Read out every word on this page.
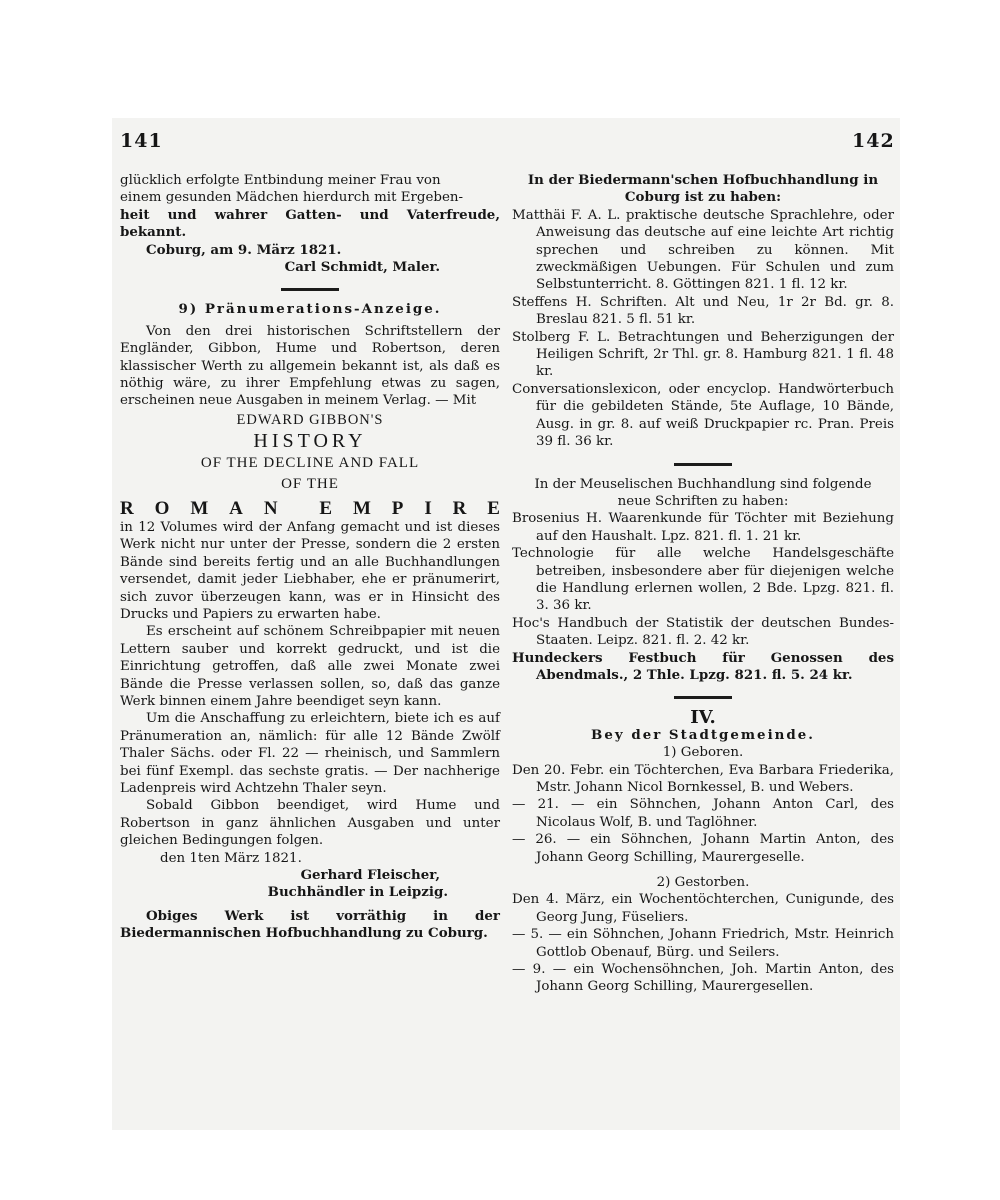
141	142

glücklich erfolgte Entbindung meiner Frau von

einem gesunden Mädchen hierdurch mit Ergeben-

heit und wahrer Gatten- und Vaterfreude, bekannt.

Coburg, am 9. März 1821.

Carl Schmidt, Maler.

9) Pränumerations-Anzeige.

Von den drei historischen Schriftstellern der Engländer, Gibbon, Hume und Robertson, deren klassischer Werth zu allgemein bekannt ist, als daß es nöthig wäre, zu ihrer Empfehlung etwas zu sagen, erscheinen neue Ausgaben in meinem Verlag. — Mit

EDWARD GIBBON'S
HISTORY
OF THE DECLINE AND FALL
OF THE
R O M A N E M P I R E

in 12 Volumes wird der Anfang gemacht und ist dieses Werk nicht nur unter der Presse, sondern die 2 ersten Bände sind bereits fertig und an alle Buchhandlungen versendet, damit jeder Liebhaber, ehe er pränumerirt, sich zuvor überzeugen kann, was er in Hinsicht des Drucks und Papiers zu erwarten habe.

Es erscheint auf schönem Schreibpapier mit neuen Lettern sauber und korrekt gedruckt, und ist die Einrichtung getroffen, daß alle zwei Monate zwei Bände die Presse verlassen sollen, so, daß das ganze Werk binnen einem Jahre beendiget seyn kann.

Um die Anschaffung zu erleichtern, biete ich es auf Pränumeration an, nämlich: für alle 12 Bände Zwölf Thaler Sächs. oder Fl. 22 — rheinisch, und Sammlern bei fünf Exempl. das sechste gratis. — Der nachherige Ladenpreis wird Achtzehn Thaler seyn.

Sobald Gibbon beendiget, wird Hume und Robertson in ganz ähnlichen Ausgaben und unter gleichen Bedingungen folgen.

den 1ten März 1821.

Gerhard Fleischer,

Buchhändler in Leipzig.

Obiges Werk ist vorräthig in der Biedermannischen Hofbuchhandlung zu Coburg.

In der Biedermann'schen Hofbuchhandlung in Coburg ist zu haben:

Matthäi F. A. L. praktische deutsche Sprachlehre, oder Anweisung das deutsche auf eine leichte Art richtig sprechen und schreiben zu können. Mit zweckmäßigen Uebungen. Für Schulen und zum Selbstunterricht. 8. Göttingen 821. 1 fl. 12 kr.

Steffens H. Schriften. Alt und Neu, 1r 2r Bd. gr. 8. Breslau 821. 5 fl. 51 kr.

Stolberg F. L. Betrachtungen und Beherzigungen der Heiligen Schrift, 2r Thl. gr. 8. Hamburg 821. 1 fl. 48 kr.

Conversationslexicon, oder encyclop. Handwörterbuch für die gebildeten Stände, 5te Auflage, 10 Bände, Ausg. in gr. 8. auf weiß Druckpapier rc. Pran. Preis 39 fl. 36 kr.

In der Meuselischen Buchhandlung sind folgende neue Schriften zu haben:

Brosenius H. Waarenkunde für Töchter mit Beziehung auf den Haushalt. Lpz. 821. fl. 1. 21 kr.

Technologie für alle welche Handelsgeschäfte betreiben, insbesondere aber für diejenigen welche die Handlung erlernen wollen, 2 Bde. Lpzg. 821. fl. 3. 36 kr.

Hoc's Handbuch der Statistik der deutschen Bundes-Staaten. Leipz. 821. fl. 2. 42 kr.

Hundeckers Festbuch für Genossen des Abendmals., 2 Thle. Lpzg. 821. fl. 5. 24 kr.

IV.

Bey der Stadtgemeinde.

1) Geboren.

Den 20. Febr. ein Töchterchen, Eva Barbara Friederika, Mstr. Johann Nicol Bornkessel, B. und Webers.

— 21. — ein Söhnchen, Johann Anton Carl, des Nicolaus Wolf, B. und Taglöhner.

— 26. — ein Söhnchen, Johann Martin Anton, des Johann Georg Schilling, Maurergeselle.

2) Gestorben.

Den 4. März, ein Wochentöchterchen, Cunigunde, des Georg Jung, Füseliers.

— 5. — ein Söhnchen, Johann Friedrich, Mstr. Heinrich Gottlob Obenauf, Bürg. und Seilers.

— 9. — ein Wochensöhnchen, Joh. Martin Anton, des Johann Georg Schilling, Maurergesellen.
